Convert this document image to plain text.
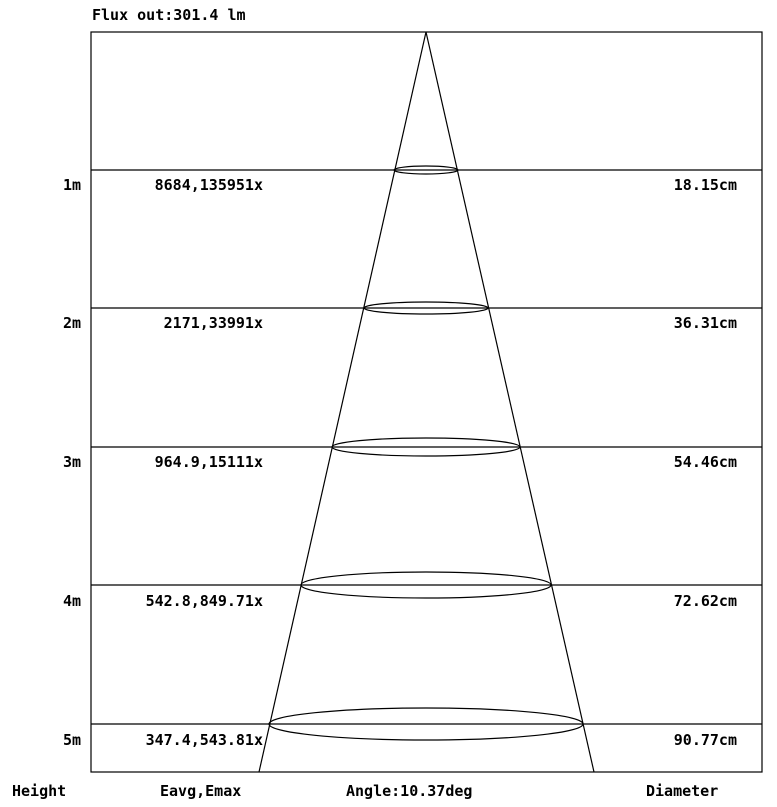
Flux out:301.4 lm
1m	8684,135951x	18.15cm
2m	2171,33991x	36.31cm
3m	964.9,15111x	54.46cm
4m	542.8,849.71x	72.62cm
5m	347.4,543.81x	90.77cm
Height	Eavg,Emax	Angle:10.37deg	Diameter
